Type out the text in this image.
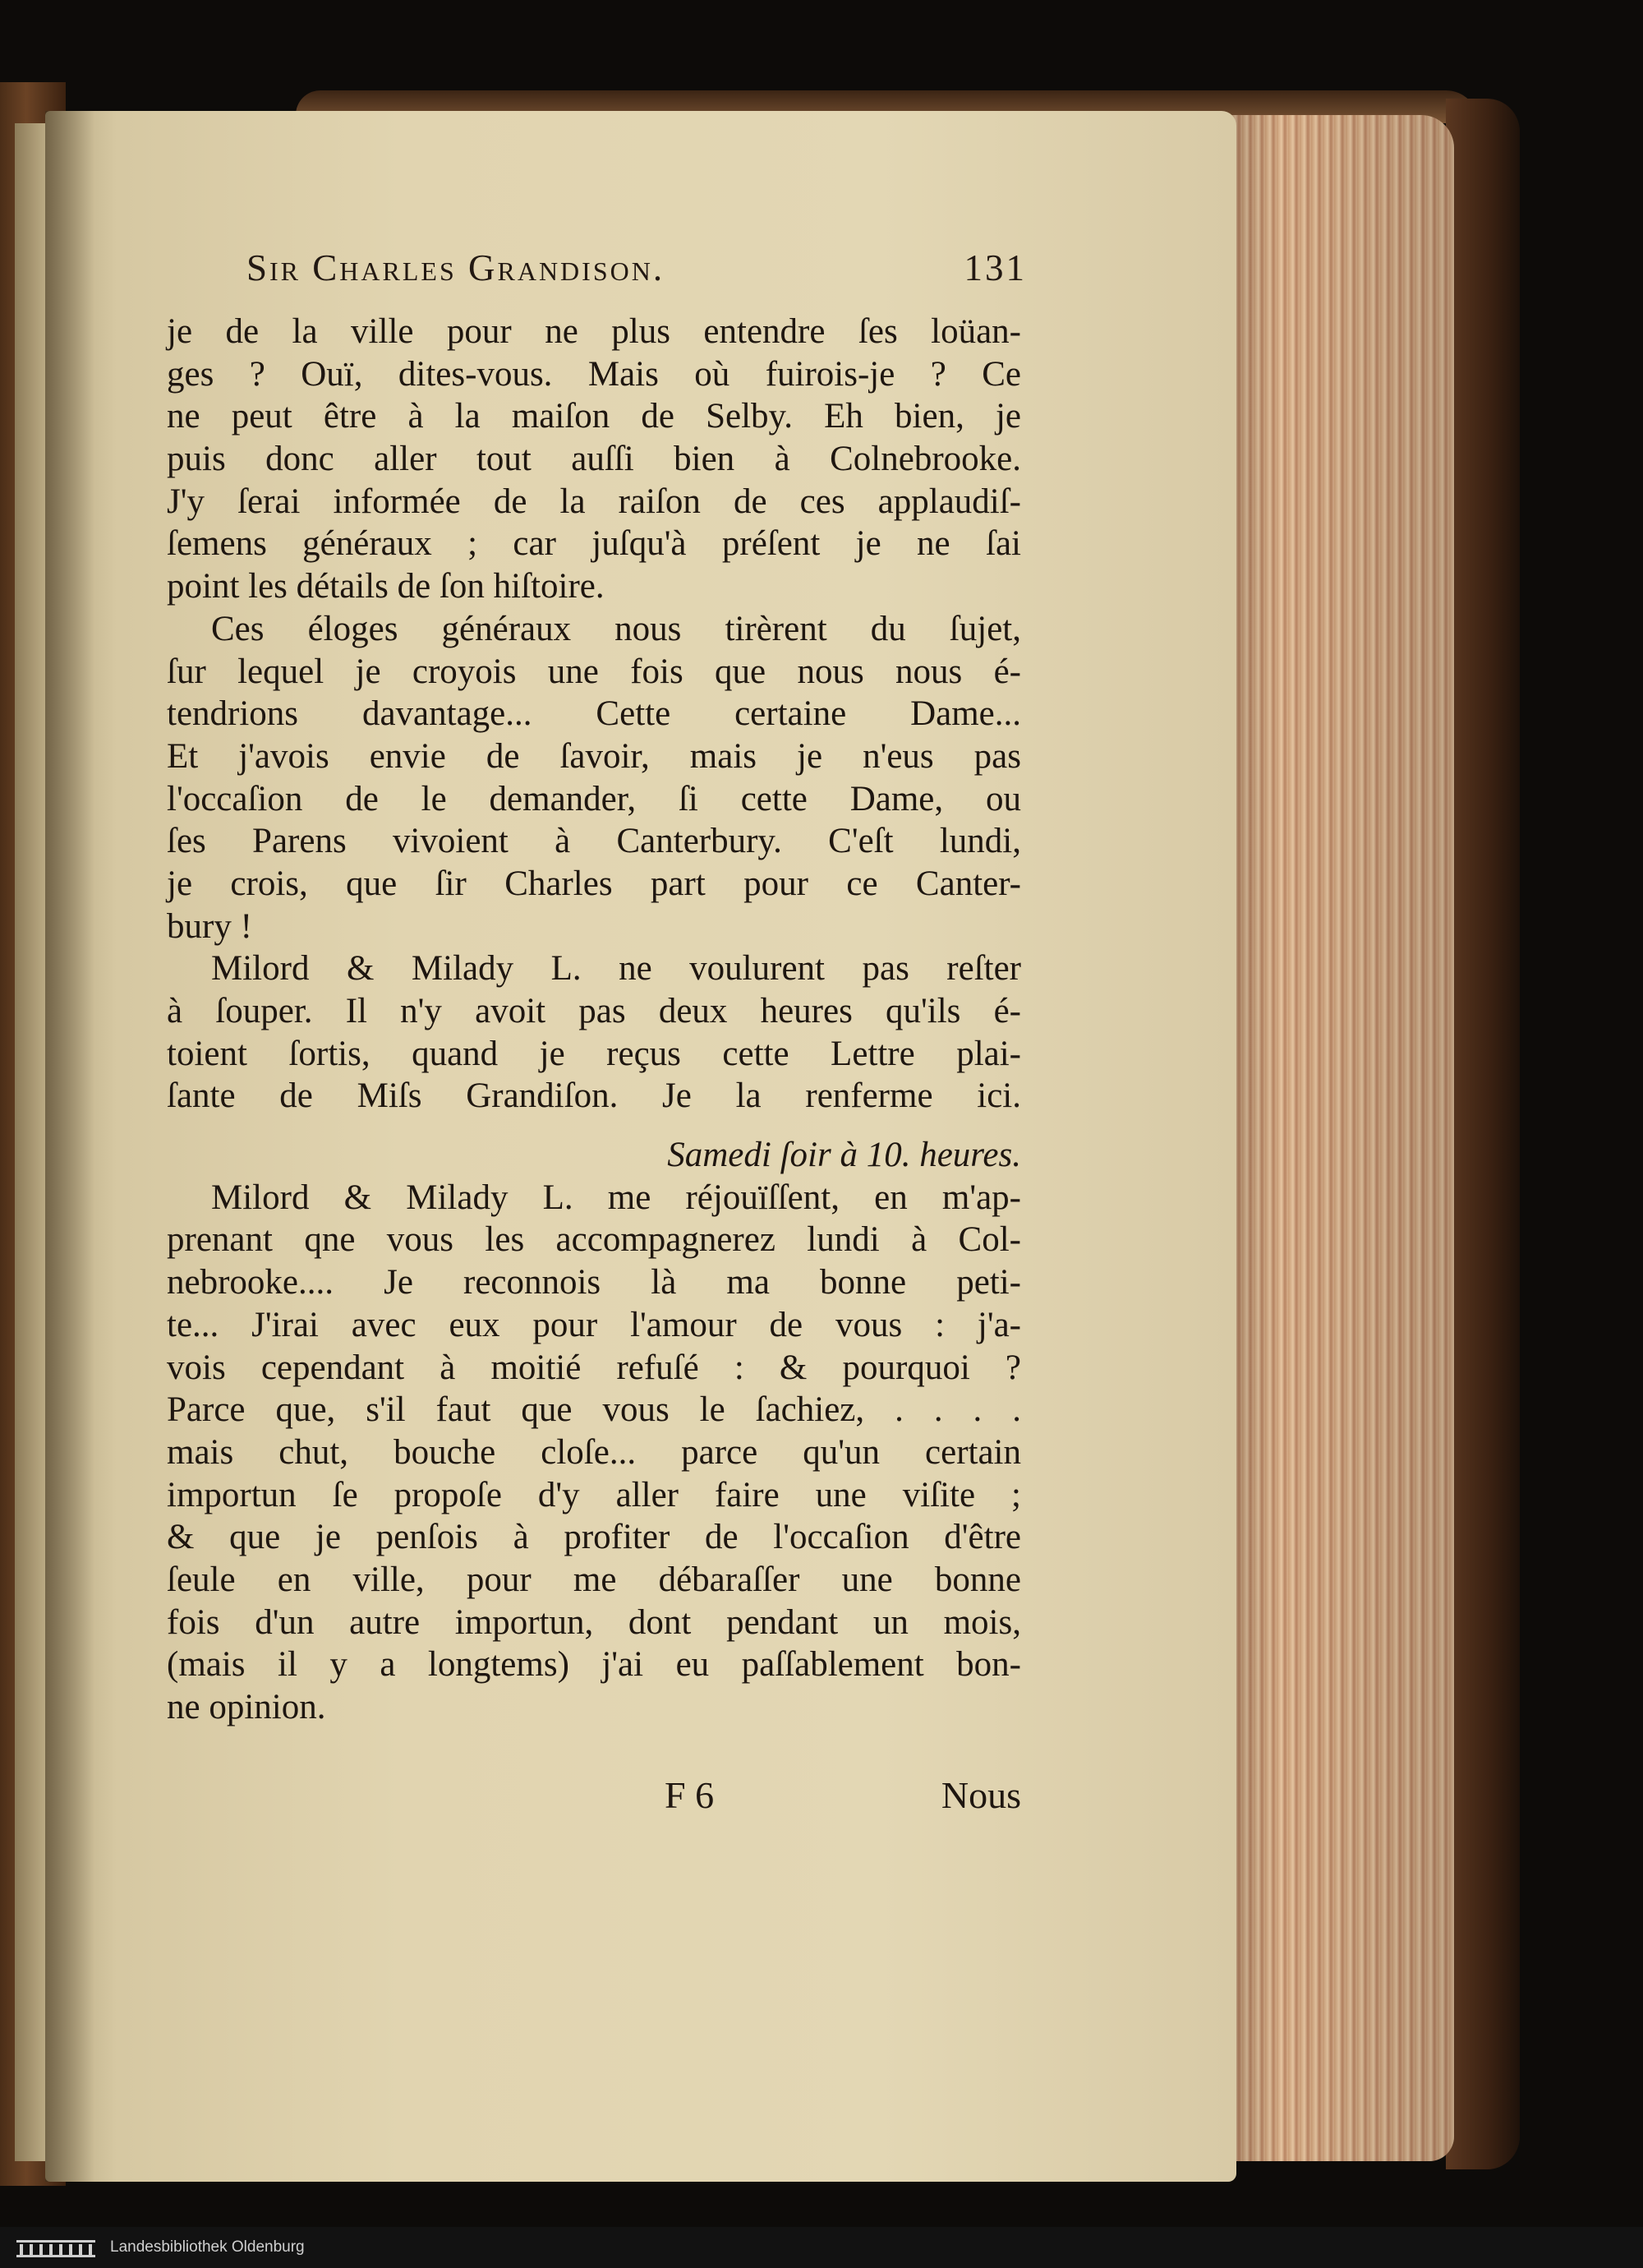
Sir Charles Grandison.	131
je de la ville pour ne plus entendre ſes loüan-
ges ? Ouï, dites-vous. Mais où fuirois-je ? Ce
ne peut être à la maiſon de Selby. Eh bien, je
puis donc aller tout auſſi bien à Colnebrooke.
J'y ſerai informée de la raiſon de ces applaudiſ-
ſemens généraux ; car juſqu'à préſent je ne ſai
point les détails de ſon hiſtoire.
Ces éloges généraux nous tirèrent du ſujet,
ſur lequel je croyois une fois que nous nous é-
tendrions davantage... Cette certaine Dame...
Et j'avois envie de ſavoir, mais je n'eus pas
l'occaſion de le demander, ſi cette Dame, ou
ſes Parens vivoient à Canterbury. C'eſt lundi,
je crois, que ſir Charles part pour ce Canter-
bury !
Milord & Milady L. ne voulurent pas reſter
à ſouper. Il n'y avoit pas deux heures qu'ils é-
toient ſortis, quand je reçus cette Lettre plai-
ſante de Miſs Grandiſon. Je la renferme ici.
Samedi ſoir à 10. heures.
Milord & Milady L. me réjouïſſent, en m'ap-
prenant qne vous les accompagnerez lundi à Col-
nebrooke.... Je reconnois là ma bonne peti-
te... J'irai avec eux pour l'amour de vous : j'a-
vois cependant à moitié refuſé : & pourquoi ?
Parce que, s'il faut que vous le ſachiez, . . . .
mais chut, bouche cloſe... parce qu'un certain
importun ſe propoſe d'y aller faire une viſite ;
& que je penſois à profiter de l'occaſion d'être
ſeule en ville, pour me débaraſſer une bonne
fois d'un autre importun, dont pendant un mois,
(mais il y a longtems) j'ai eu paſſablement bon-
ne opinion.
F 6	Nous
Landesbibliothek Oldenburg
